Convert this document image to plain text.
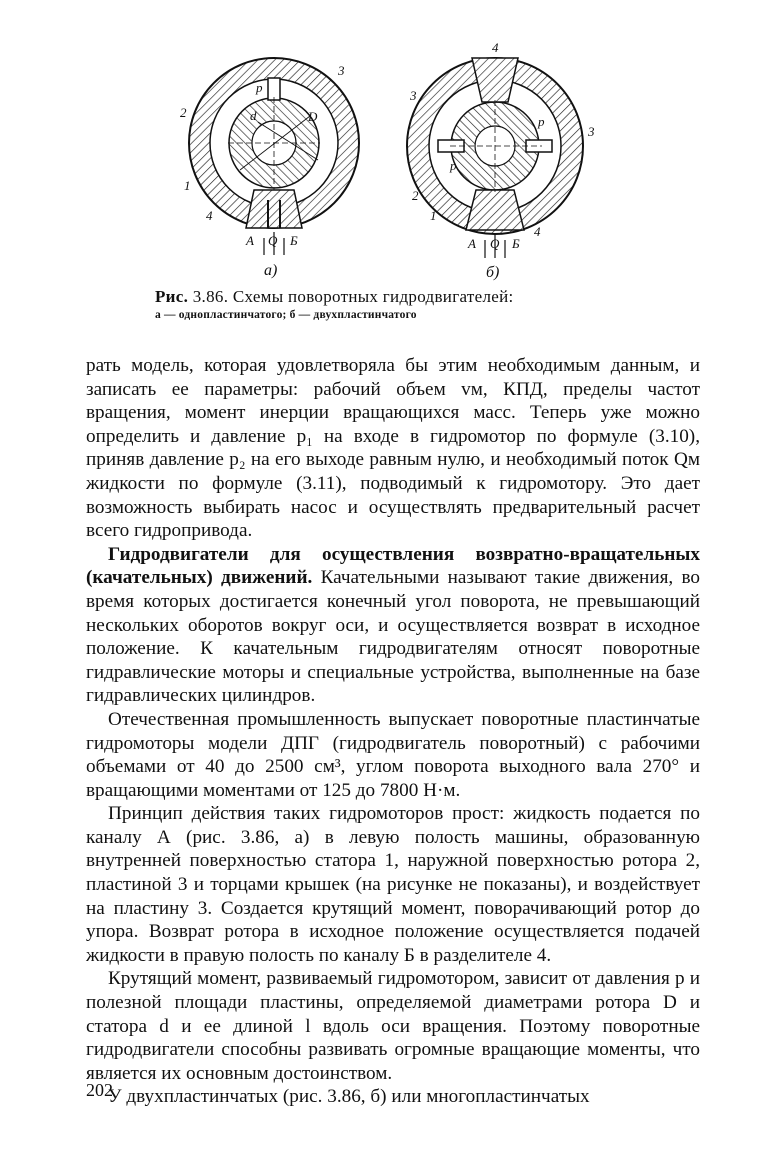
3
2
1
4
р
d	D
A Q Б
4
3
3
2
1
4
р
р
A Q Б
а)	б)
Рис. 3.86. Схемы поворотных гидродвигателей:
а — однопластинчатого; б — двухпластинчатого

рать модель, которая удовлетворяла бы этим необходимым данным, и записать ее параметры: рабочий объем vм, КПД, пределы частот вращения, момент инерции вращающихся масс. Теперь уже можно определить и давление p₁ на входе в гидромотор по формуле (3.10), приняв давление p₂ на его выходе равным нулю, и необходимый поток Qм жидкости по формуле (3.11), подводимый к гидромотору. Это дает возможность выбирать насос и осуществлять предварительный расчет всего гидропривода.

Гидродвигатели для осуществления возвратно-вращательных (качательных) движений. Качательными называют такие движения, во время которых достигается конечный угол поворота, не превышающий нескольких оборотов вокруг оси, и осуществляется возврат в исходное положение. К качательным гидродвигателям относят поворотные гидравлические моторы и специальные устройства, выполненные на базе гидравлических цилиндров.

Отечественная промышленность выпускает поворотные пластинчатые гидромоторы модели ДПГ (гидродвигатель поворотный) с рабочими объемами от 40 до 2500 см³, углом поворота выходного вала 270° и вращающими моментами от 125 до 7800 Н·м.

Принцип действия таких гидромоторов прост: жидкость подается по каналу А (рис. 3.86, а) в левую полость машины, образованную внутренней поверхностью статора 1, наружной поверхностью ротора 2, пластиной 3 и торцами крышек (на рисунке не показаны), и воздействует на пластину 3. Создается крутящий момент, поворачивающий ротор до упора. Возврат ротора в исходное положение осуществляется подачей жидкости в правую полость по каналу Б в разделителе 4.

Крутящий момент, развиваемый гидромотором, зависит от давления p и полезной площади пластины, определяемой диаметрами ротора D и статора d и ее длиной l вдоль оси вращения. Поэтому поворотные гидродвигатели способны развивать огромные вращающие моменты, что является их основным достоинством.

У двухпластинчатых (рис. 3.86, б) или многопластинчатых

202
